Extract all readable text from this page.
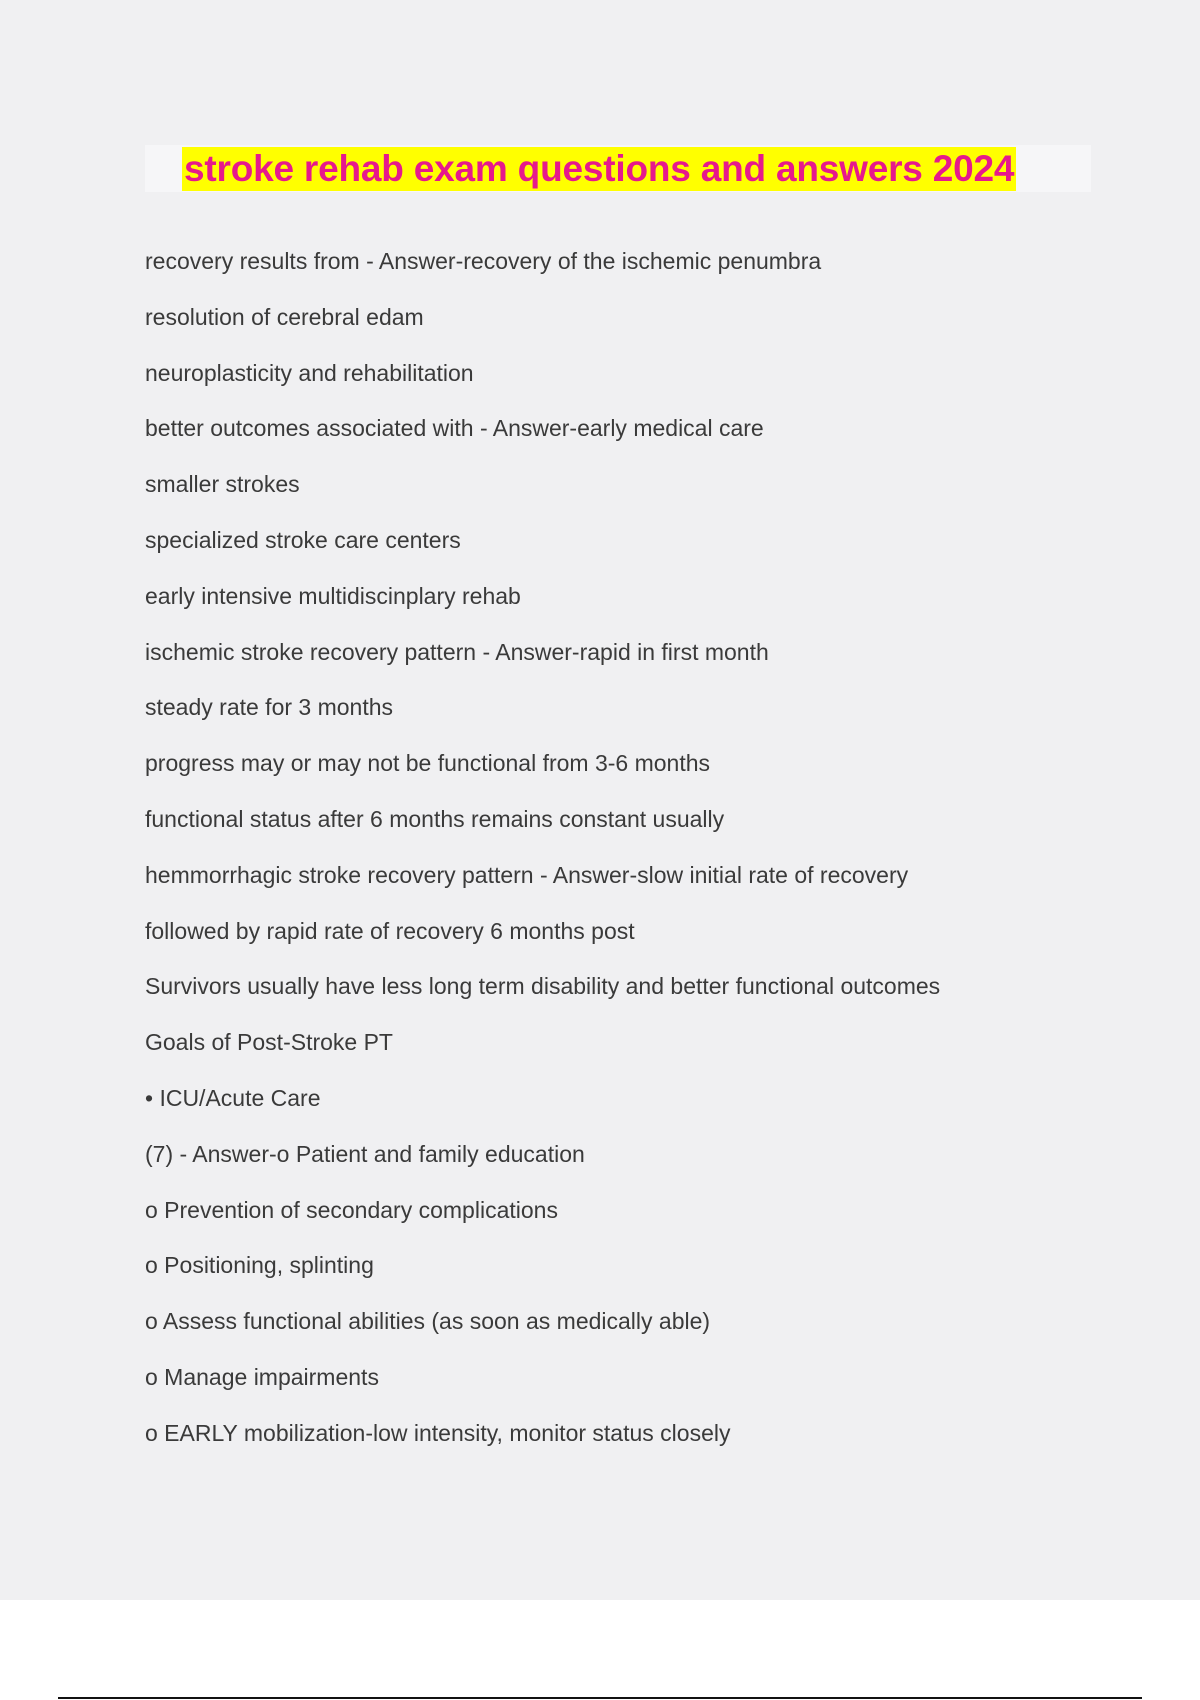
stroke rehab exam questions and answers 2024
recovery results from - Answer-recovery of the ischemic penumbra
resolution of cerebral edam
neuroplasticity and rehabilitation
better outcomes associated with - Answer-early medical care
smaller strokes
specialized stroke care centers
early intensive multidiscinplary rehab
ischemic stroke recovery pattern - Answer-rapid in first month
steady rate for 3 months
progress may or may not be functional from 3-6 months
functional status after 6 months remains constant usually
hemmorrhagic stroke recovery pattern - Answer-slow initial rate of recovery
followed by rapid rate of recovery 6 months post
Survivors usually have less long term disability and better functional outcomes
Goals of Post-Stroke PT
• ICU/Acute Care
(7) - Answer-o Patient and family education
o Prevention of secondary complications
o Positioning, splinting
o Assess functional abilities (as soon as medically able)
o Manage impairments
o EARLY mobilization-low intensity, monitor status closely
